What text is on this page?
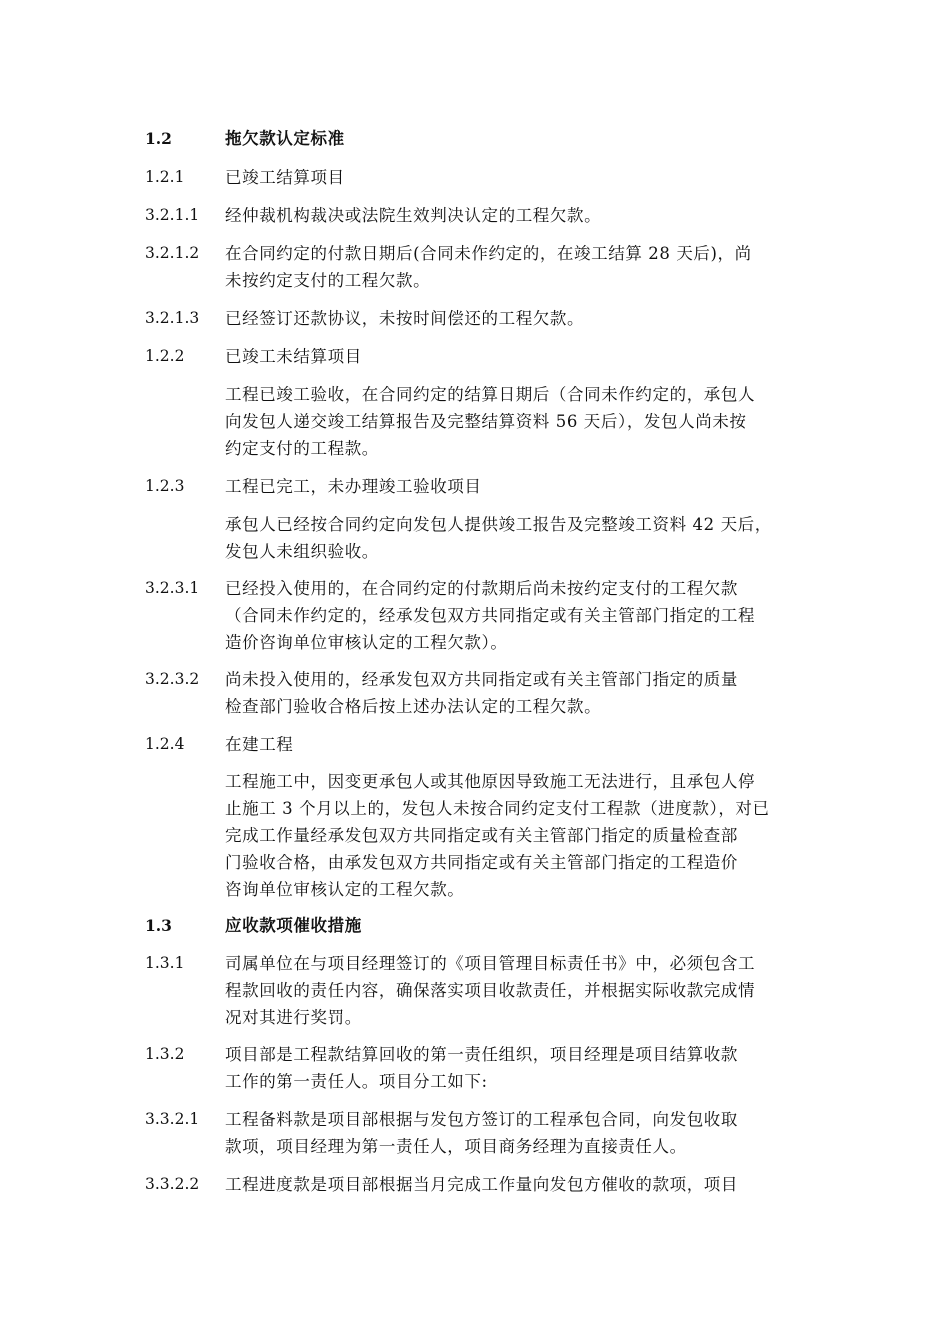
1.2	拖欠款认定标准
1.2.1 已竣工结算项目
3.2.1.1 经仲裁机构裁决或法院生效判决认定的工程欠款。
3.2.1.2 在合同约定的付款日期后(合同未作约定的，在竣工结算 28 天后)，尚
未按约定支付的工程欠款。
3.2.1.3 已经签订还款协议，未按时间偿还的工程欠款。
1.2.2 已竣工未结算项目
工程已竣工验收，在合同约定的结算日期后（合同未作约定的，承包人
向发包人递交竣工结算报告及完整结算资料 56 天后），发包人尚未按
约定支付的工程款。
1.2.3 工程已完工，未办理竣工验收项目
承包人已经按合同约定向发包人提供竣工报告及完整竣工资料 42 天后，
发包人未组织验收。
3.2.3.1 已经投入使用的，在合同约定的付款期后尚未按约定支付的工程欠款
（合同未作约定的，经承发包双方共同指定或有关主管部门指定的工程
造价咨询单位审核认定的工程欠款）。
3.2.3.2 尚未投入使用的，经承发包双方共同指定或有关主管部门指定的质量
检查部门验收合格后按上述办法认定的工程欠款。
1.2.4 在建工程
工程施工中，因变更承包人或其他原因导致施工无法进行，且承包人停
止施工 3 个月以上的，发包人未按合同约定支付工程款（进度款），对已
完成工作量经承发包双方共同指定或有关主管部门指定的质量检查部
门验收合格，由承发包双方共同指定或有关主管部门指定的工程造价
咨询单位审核认定的工程欠款。
1.3	应收款项催收措施
1.3.1 司属单位在与项目经理签订的《项目管理目标责任书》中，必须包含工
程款回收的责任内容，确保落实项目收款责任，并根据实际收款完成情
况对其进行奖罚。
1.3.2 项目部是工程款结算回收的第一责任组织，项目经理是项目结算收款
工作的第一责任人。项目分工如下:
3.3.2.1 工程备料款是项目部根据与发包方签订的工程承包合同，向发包收取
款项，项目经理为第一责任人，项目商务经理为直接责任人。
3.3.2.2 工程进度款是项目部根据当月完成工作量向发包方催收的款项，项目
